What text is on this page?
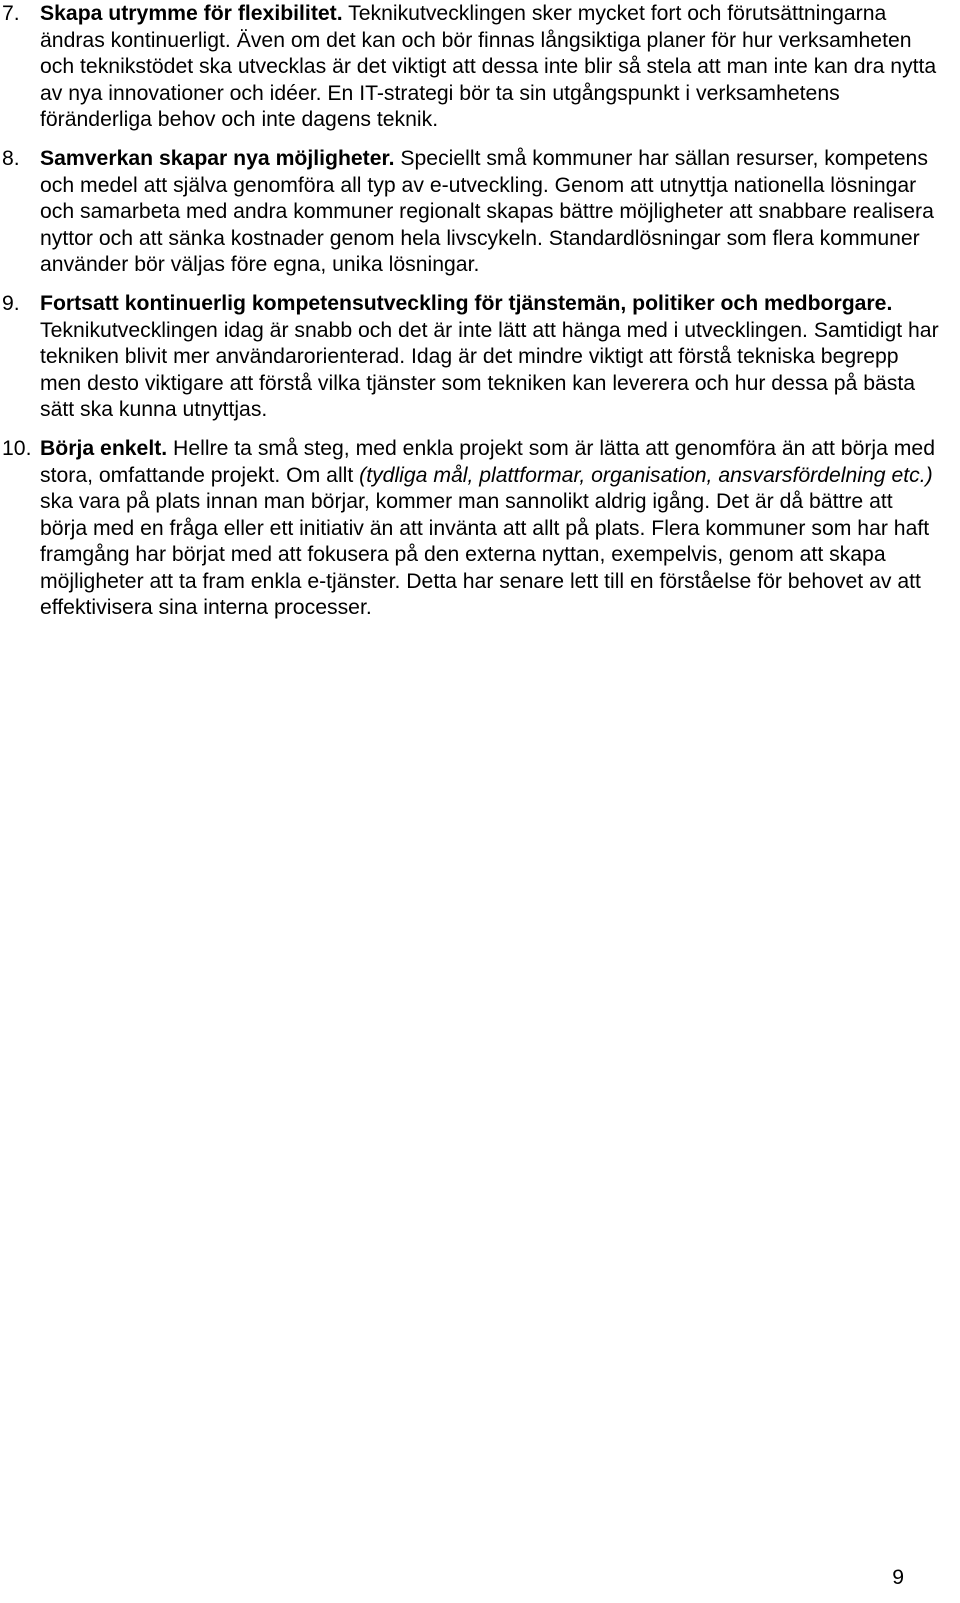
7. Skapa utrymme för flexibilitet. Teknikutvecklingen sker mycket fort och förutsättningarna ändras kontinuerligt. Även om det kan och bör finnas långsiktiga planer för hur verksamheten och teknikstödet ska utvecklas är det viktigt att dessa inte blir så stela att man inte kan dra nytta av nya innovationer och idéer. En IT-strategi bör ta sin utgångspunkt i verksamhetens föränderliga behov och inte dagens teknik.
8. Samverkan skapar nya möjligheter. Speciellt små kommuner har sällan resurser, kompetens och medel att själva genomföra all typ av e-utveckling. Genom att utnyttja nationella lösningar och samarbeta med andra kommuner regionalt skapas bättre möjligheter att snabbare realisera nyttor och att sänka kostnader genom hela livscykeln. Standardlösningar som flera kommuner använder bör väljas före egna, unika lösningar.
9. Fortsatt kontinuerlig kompetensutveckling för tjänstemän, politiker och medborgare. Teknikutvecklingen idag är snabb och det är inte lätt att hänga med i utvecklingen. Samtidigt har tekniken blivit mer användarorienterad. Idag är det mindre viktigt att förstå tekniska begrepp men desto viktigare att förstå vilka tjänster som tekniken kan leverera och hur dessa på bästa sätt ska kunna utnyttjas.
10. Börja enkelt. Hellre ta små steg, med enkla projekt som är lätta att genomföra än att börja med stora, omfattande projekt. Om allt (tydliga mål, plattformar, organisation, ansvarsfördelning etc.) ska vara på plats innan man börjar, kommer man sannolikt aldrig igång. Det är då bättre att börja med en fråga eller ett initiativ än att invänta att allt på plats. Flera kommuner som har haft framgång har börjat med att fokusera på den externa nyttan, exempelvis, genom att skapa möjligheter att ta fram enkla e-tjänster. Detta har senare lett till en förståelse för behovet av att effektivisera sina interna processer.
9
